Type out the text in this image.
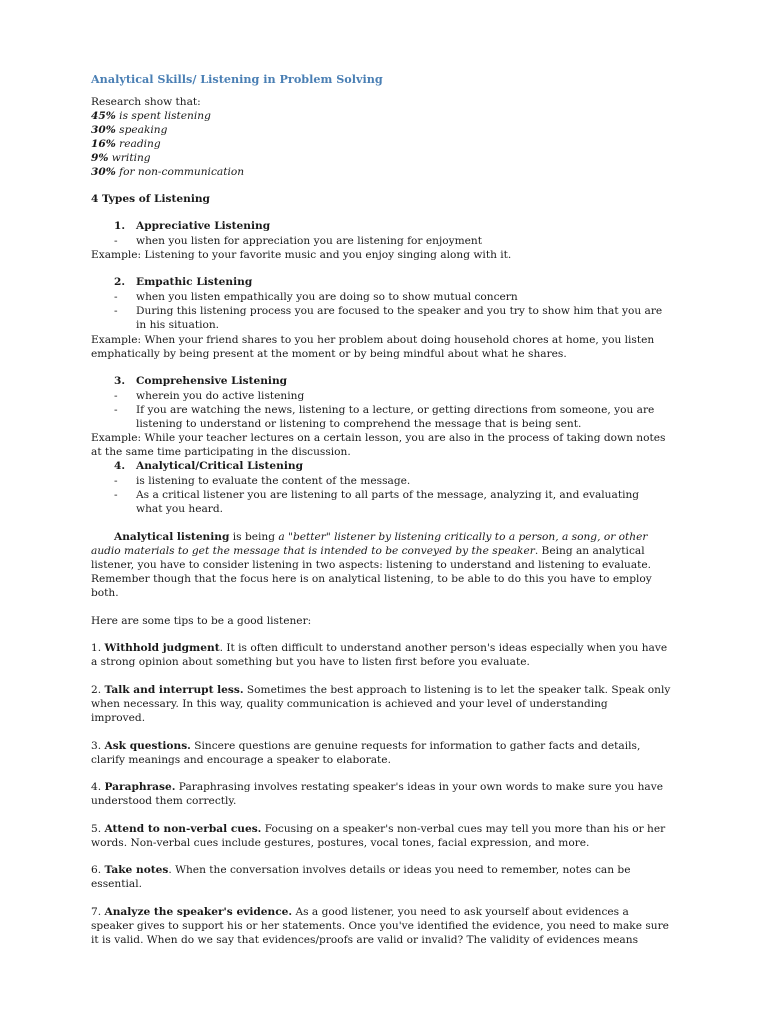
Analytical Skills/ Listening in Problem Solving
Research show that:
45% is spent listening
30% speaking
16% reading
9% writing
30% for non-communication
4 Types of Listening
1. Appreciative Listening
- when you listen for appreciation you are listening for enjoyment
Example: Listening to your favorite music and you enjoy singing along with it.
2. Empathic Listening
- when you listen empathically you are doing so to show mutual concern
- During this listening process you are focused to the speaker and you try to show him that you are
in his situation.
Example: When your friend shares to you her problem about doing household chores at home, you listen
emphatically by being present at the moment or by being mindful about what he shares.
3. Comprehensive Listening
- wherein you do active listening
- If you are watching the news, listening to a lecture, or getting directions from someone, you are
listening to understand or listening to comprehend the message that is being sent.
Example: While your teacher lectures on a certain lesson, you are also in the process of taking down notes
at the same time participating in the discussion.
4. Analytical/Critical Listening
- is listening to evaluate the content of the message.
- As a critical listener you are listening to all parts of the message, analyzing it, and evaluating
what you heard.
Analytical listening is being a "better" listener by listening critically to a person, a song, or other
audio materials to get the message that is intended to be conveyed by the speaker. Being an analytical
listener, you have to consider listening in two aspects: listening to understand and listening to evaluate.
Remember though that the focus here is on analytical listening, to be able to do this you have to employ
both.
Here are some tips to be a good listener:
1. Withhold judgment. It is often difficult to understand another person's ideas especially when you have
a strong opinion about something but you have to listen first before you evaluate.
2. Talk and interrupt less. Sometimes the best approach to listening is to let the speaker talk. Speak only
when necessary. In this way, quality communication is achieved and your level of understanding
improved.
3. Ask questions. Sincere questions are genuine requests for information to gather facts and details,
clarify meanings and encourage a speaker to elaborate.
4. Paraphrase. Paraphrasing involves restating speaker's ideas in your own words to make sure you have
understood them correctly.
5. Attend to non-verbal cues. Focusing on a speaker's non-verbal cues may tell you more than his or her
words. Non-verbal cues include gestures, postures, vocal tones, facial expression, and more.
6. Take notes. When the conversation involves details or ideas you need to remember, notes can be
essential.
7. Analyze the speaker's evidence. As a good listener, you need to ask yourself about evidences a
speaker gives to support his or her statements. Once you've identified the evidence, you need to make sure
it is valid. When do we say that evidences/proofs are valid or invalid? The validity of evidences means
